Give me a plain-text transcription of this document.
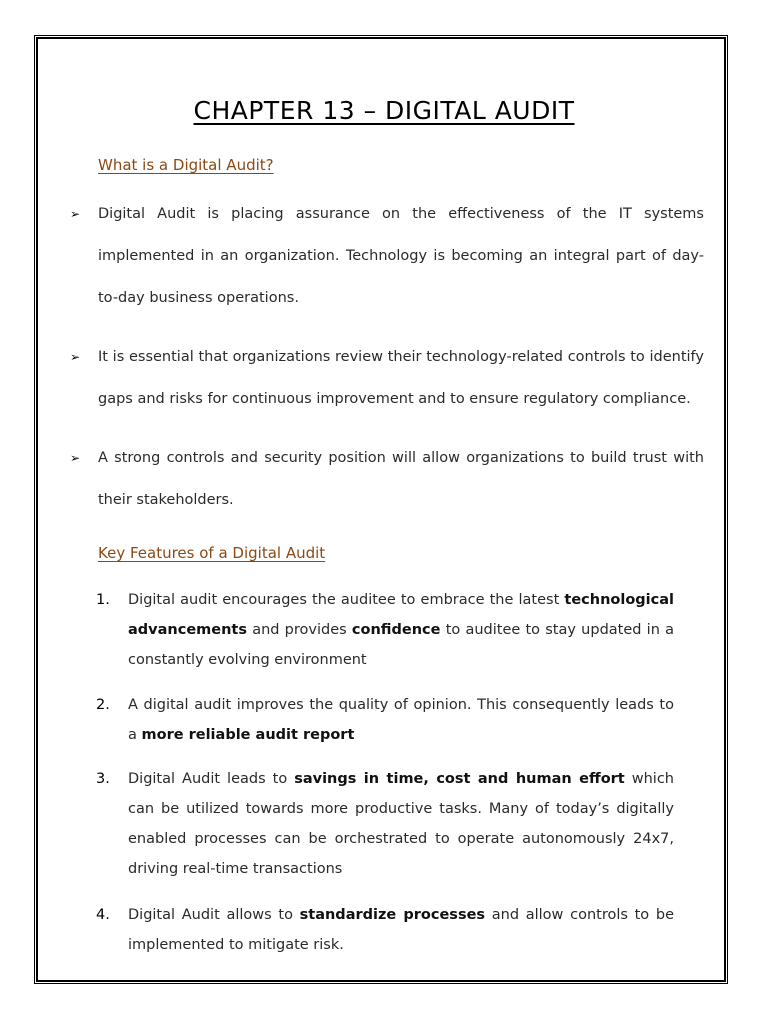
CHAPTER 13 – DIGITAL AUDIT
What is a Digital Audit?
➢ Digital Audit is placing assurance on the effectiveness of the IT systems implemented in an organization. Technology is becoming an integral part of day-to-day business operations.
➢ It is essential that organizations review their technology-related controls to identify gaps and risks for continuous improvement and to ensure regulatory compliance.
➢ A strong controls and security position will allow organizations to build trust with their stakeholders.
Key Features of a Digital Audit
1.	Digital audit encourages the auditee to embrace the latest technological advancements and provides confidence to auditee to stay updated in a constantly evolving environment
2.	A digital audit improves the quality of opinion. This consequently leads to a more reliable audit report
3.	Digital Audit leads to savings in time, cost and human effort which can be utilized towards more productive tasks. Many of today’s digitally enabled processes can be orchestrated to operate autonomously 24x7, driving real-time transactions
4.	Digital Audit allows to standardize processes and allow controls to be implemented to mitigate risk.
